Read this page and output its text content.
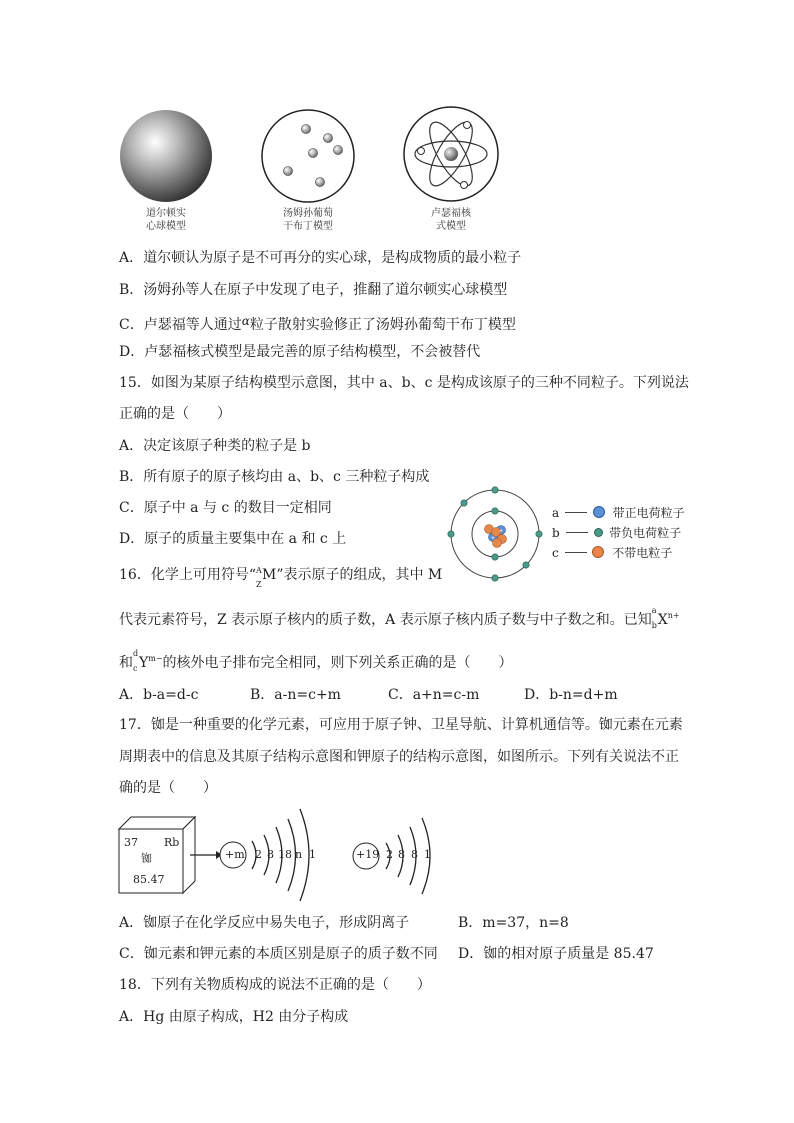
道尔顿实
心球模型
汤姆孙葡萄
干布丁模型
卢瑟福核
式模型
A．道尔顿认为原子是不可再分的实心球，是构成物质的最小粒子
B．汤姆孙等人在原子中发现了电子，推翻了道尔顿实心球模型
C．卢瑟福等人通过α粒子散射实验修正了汤姆孙葡萄干布丁模型
D．卢瑟福核式模型是最完善的原子结构模型，不会被替代
15．如图为某原子结构模型示意图，其中 a、b、c 是构成该原子的三种不同粒子。下列说法
正确的是（　　）
A．决定该原子种类的粒子是 b
B．所有原子的原子核均由 a、b、c 三种粒子构成
C．原子中 a 与 c 的数目一定相同
D．原子的质量主要集中在 a 和 c 上	+
+
a	带正电荷粒子
b	带负电荷粒子
c	不带电粒子
16．化学上可用符号“ A
Z
M”表示原子的组成，其中 M
代表元素符号，Z 表示原子核内的质子数，A 表示原子核内质子数与中子数之和。已知
a
b $X^{n+}$
和
d
c $Y^{m-}$的核外电子排布完全相同，则下列关系正确的是（　　）
A．b-a=d-c	B．a-n=c+m	C．a+n=c-m	D．b-n=d+m
17．铷是一种重要的化学元素，可应用于原子钟、卫星导航、计算机通信等。铷元素在元素
周期表中的信息及其原子结构示意图和钾原子的结构示意图，如图所示。下列有关说法不正
确的是（　　）
37 Rb
铷
85.47
+m 2 8 18 n 1	+19 2 8 8 1
A．铷原子在化学反应中易失电子，形成阴离子	B．m=37，n=8
C．铷元素和钾元素的本质区别是原子的质子数不同 D．铷的相对原子质量是 85.47
18．下列有关物质构成的说法不正确的是（　　）
A．Hg 由原子构成，H2 由分子构成
